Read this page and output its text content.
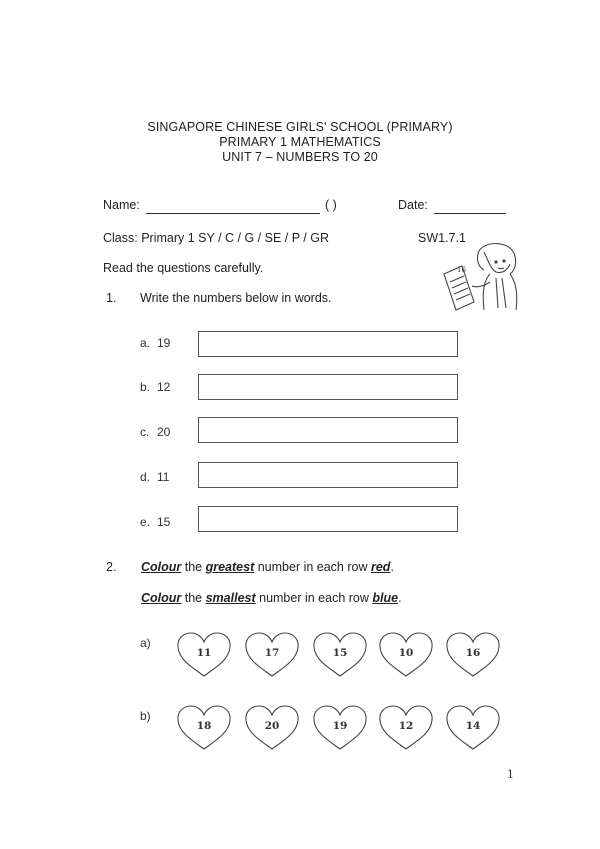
SINGAPORE CHINESE GIRLS' SCHOOL (PRIMARY)
PRIMARY 1 MATHEMATICS
UNIT 7 – NUMBERS TO 20
Name:	( )	Date:
Class: Primary 1 SY / C / G / SE / P / GR	SW1.7.1
Read the questions carefully.	16
1. Write the numbers below in words.
a. 19
b. 12
c. 20
d. 11
e. 15
2. Colour the greatest number in each row red.
Colour the smallest number in each row blue.
a)
11	17	15	10	16
b)
18	20	19	12	14
1
